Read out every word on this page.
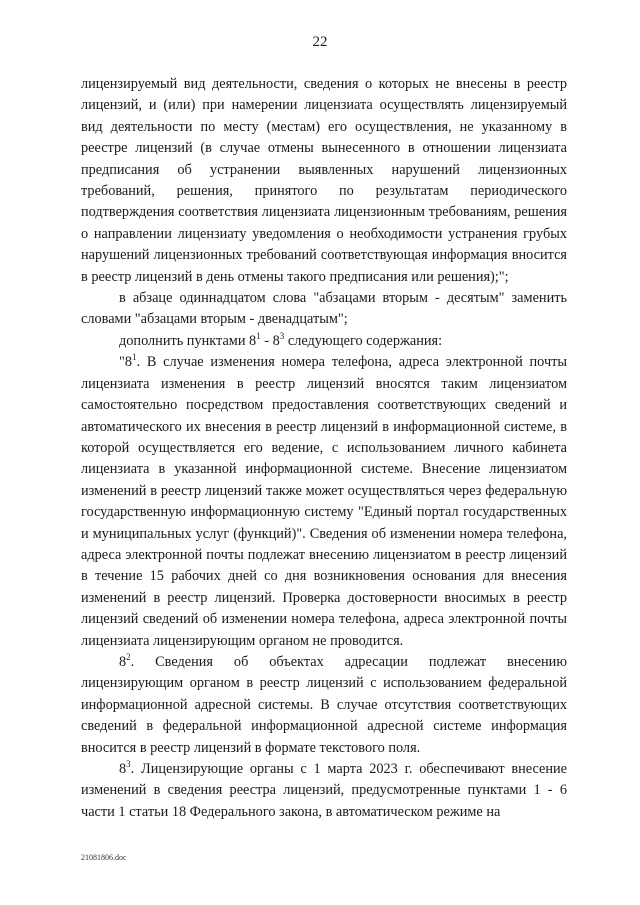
22

лицензируемый вид деятельности, сведения о которых не внесены в реестр лицензий, и (или) при намерении лицензиата осуществлять лицензируемый вид деятельности по месту (местам) его осуществления, не указанному в реестре лицензий (в случае отмены вынесенного в отношении лицензиата предписания об устранении выявленных нарушений лицензионных требований, решения, принятого по результатам периодического подтверждения соответствия лицензиата лицензионным требованиям, решения о направлении лицензиату уведомления о необходимости устранения грубых нарушений лицензионных требований соответствующая информация вносится в реестр лицензий в день отмены такого предписания или решения);";

в абзаце одиннадцатом слова "абзацами вторым - десятым" заменить словами "абзацами вторым - двенадцатым";

дополнить пунктами $8^1 - 8^3$ следующего содержания:

"$8^1$. В случае изменения номера телефона, адреса электронной почты лицензиата изменения в реестр лицензий вносятся таким лицензиатом самостоятельно посредством предоставления соответствующих сведений и автоматического их внесения в реестр лицензий в информационной системе, в которой осуществляется его ведение, с использованием личного кабинета лицензиата в указанной информационной системе. Внесение лицензиатом изменений в реестр лицензий также может осуществляться через федеральную государственную информационную систему "Единый портал государственных и муниципальных услуг (функций)". Сведения об изменении номера телефона, адреса электронной почты подлежат внесению лицензиатом в реестр лицензий в течение 15 рабочих дней со дня возникновения основания для внесения изменений в реестр лицензий. Проверка достоверности вносимых в реестр лицензий сведений об изменении номера телефона, адреса электронной почты лицензиата лицензирующим органом не проводится.

$8^2$. Сведения об объектах адресации подлежат внесению лицензирующим органом в реестр лицензий с использованием федеральной информационной адресной системы. В случае отсутствия соответствующих сведений в федеральной информационной адресной системе информация вносится в реестр лицензий в формате текстового поля.

$8^3$. Лицензирующие органы с 1 марта 2023 г. обеспечивают внесение изменений в сведения реестра лицензий, предусмотренные пунктами 1 - 6 части 1 статьи 18 Федерального закона, в автоматическом режиме на

21081806.doc
